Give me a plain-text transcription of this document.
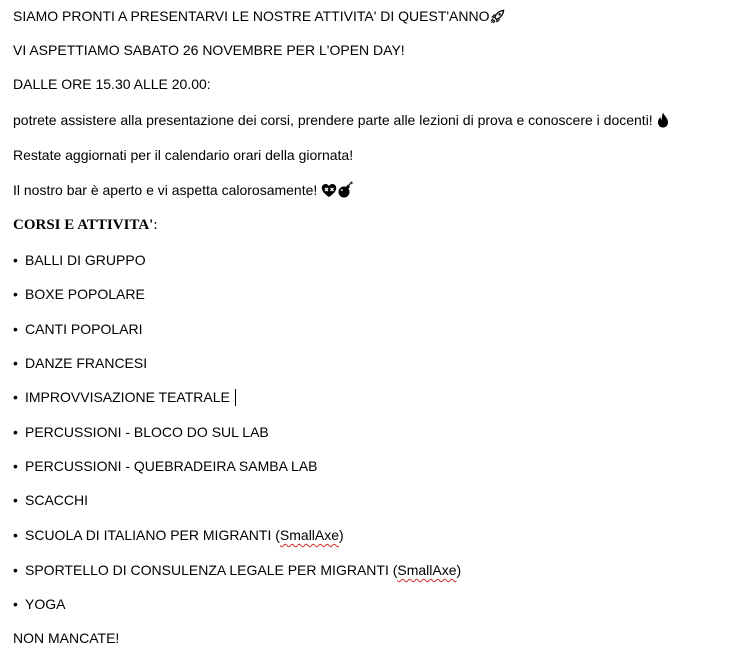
SIAMO PRONTI A PRESENTARVI LE NOSTRE ATTIVITA' DI QUEST'ANNO
VI ASPETTIAMO SABATO 26 NOVEMBRE PER L'OPEN DAY!
DALLE ORE 15.30 ALLE 20.00:
potrete assistere alla presentazione dei corsi, prendere parte alle lezioni di prova e conoscere i docenti!
Restate aggiornati per il calendario orari della giornata!
Il nostro bar è aperto e vi aspetta calorosamente!
CORSI E ATTIVITA':
• BALLI DI GRUPPO
• BOXE POPOLARE
• CANTI POPOLARI
• DANZE FRANCESI
• IMPROVVISAZIONE TEATRALE
• PERCUSSIONI - BLOCO DO SUL LAB
• PERCUSSIONI - QUEBRADEIRA SAMBA LAB
• SCACCHI
• SCUOLA DI ITALIANO PER MIGRANTI (SmallAxe)
• SPORTELLO DI CONSULENZA LEGALE PER MIGRANTI (SmallAxe)
• YOGA
NON MANCATE!
